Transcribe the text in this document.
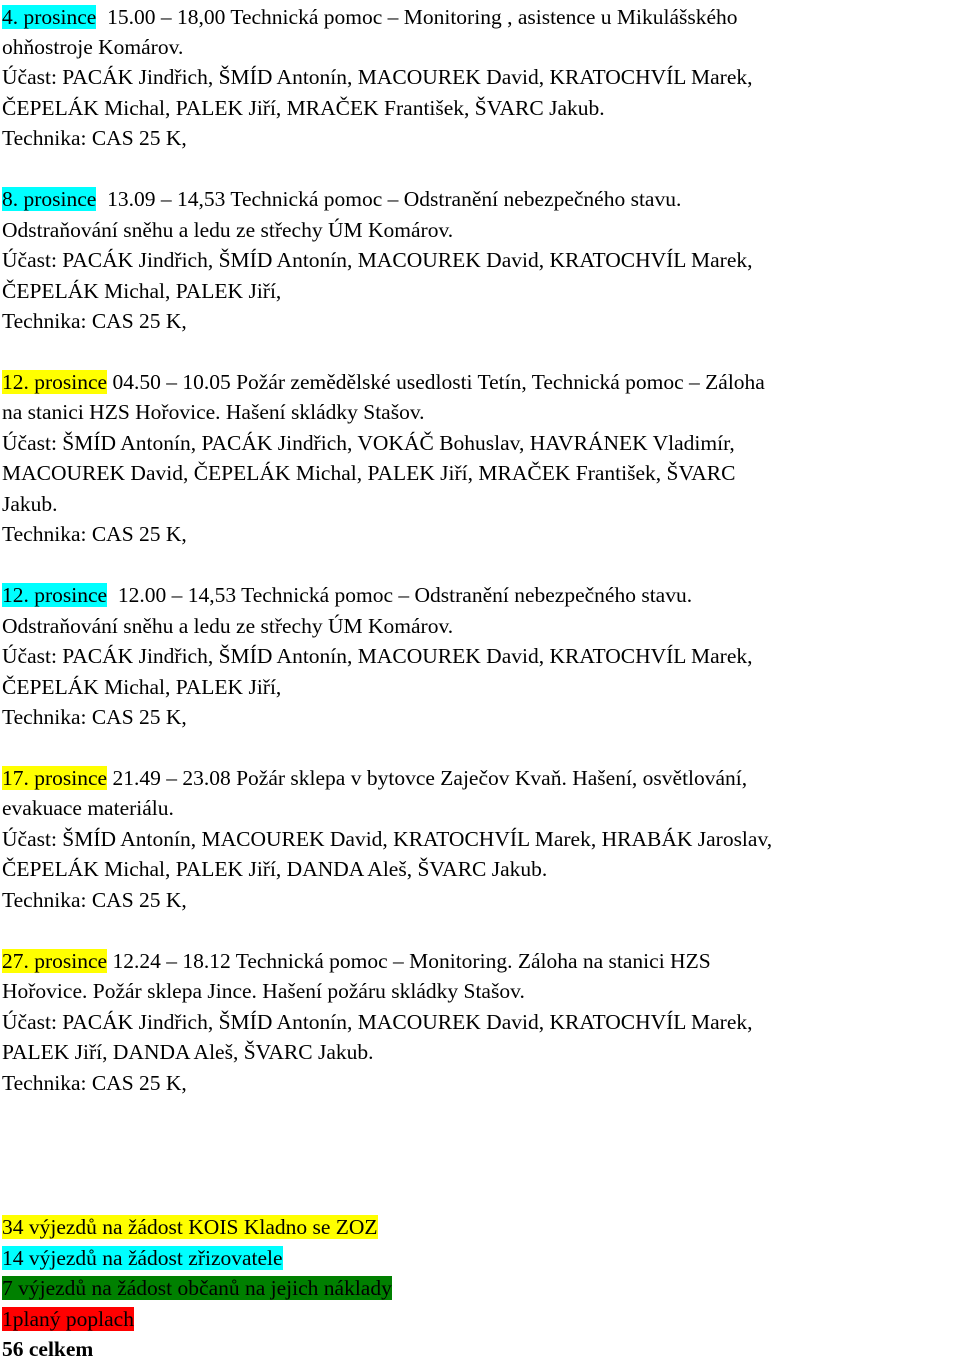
4. prosince 15.00 – 18,00 Technická pomoc – Monitoring , asistence u Mikulášského
ohňostroje Komárov.
Účast: PACÁK Jindřich, ŠMÍD Antonín, MACOUREK David, KRATOCHVÍL Marek,
ČEPELÁK Michal, PALEK Jiří, MRAČEK František, ŠVARC Jakub.
Technika: CAS 25 K,
8. prosince 13.09 – 14,53 Technická pomoc – Odstranění nebezpečného stavu.
Odstraňování sněhu a ledu ze střechy ÚM Komárov.
Účast: PACÁK Jindřich, ŠMÍD Antonín, MACOUREK David, KRATOCHVÍL Marek,
ČEPELÁK Michal, PALEK Jiří,
Technika: CAS 25 K,
12. prosince 04.50 – 10.05 Požár zemědělské usedlosti Tetín, Technická pomoc – Záloha
na stanici HZS Hořovice. Hašení skládky Stašov.
Účast: ŠMÍD Antonín, PACÁK Jindřich, VOKÁČ Bohuslav, HAVRÁNEK Vladimír,
MACOUREK David, ČEPELÁK Michal, PALEK Jiří, MRAČEK František, ŠVARC
Jakub.
Technika: CAS 25 K,
12. prosince 12.00 – 14,53 Technická pomoc – Odstranění nebezpečného stavu.
Odstraňování sněhu a ledu ze střechy ÚM Komárov.
Účast: PACÁK Jindřich, ŠMÍD Antonín, MACOUREK David, KRATOCHVÍL Marek,
ČEPELÁK Michal, PALEK Jiří,
Technika: CAS 25 K,
17. prosince 21.49 – 23.08 Požár sklepa v bytovce Zaječov Kvaň. Hašení, osvětlování,
evakuace materiálu.
Účast: ŠMÍD Antonín, MACOUREK David, KRATOCHVÍL Marek, HRABÁK Jaroslav,
ČEPELÁK Michal, PALEK Jiří, DANDA Aleš, ŠVARC Jakub.
Technika: CAS 25 K,
27. prosince 12.24 – 18.12 Technická pomoc – Monitoring. Záloha na stanici HZS
Hořovice. Požár sklepa Jince. Hašení požáru skládky Stašov.
Účast: PACÁK Jindřich, ŠMÍD Antonín, MACOUREK David, KRATOCHVÍL Marek,
PALEK Jiří, DANDA Aleš, ŠVARC Jakub.
Technika: CAS 25 K,
34 výjezdů na žádost KOIS Kladno se ZOZ
14 výjezdů na žádost zřizovatele
7 výjezdů na žádost občanů na jejich náklady
1planý poplach
56 celkem
